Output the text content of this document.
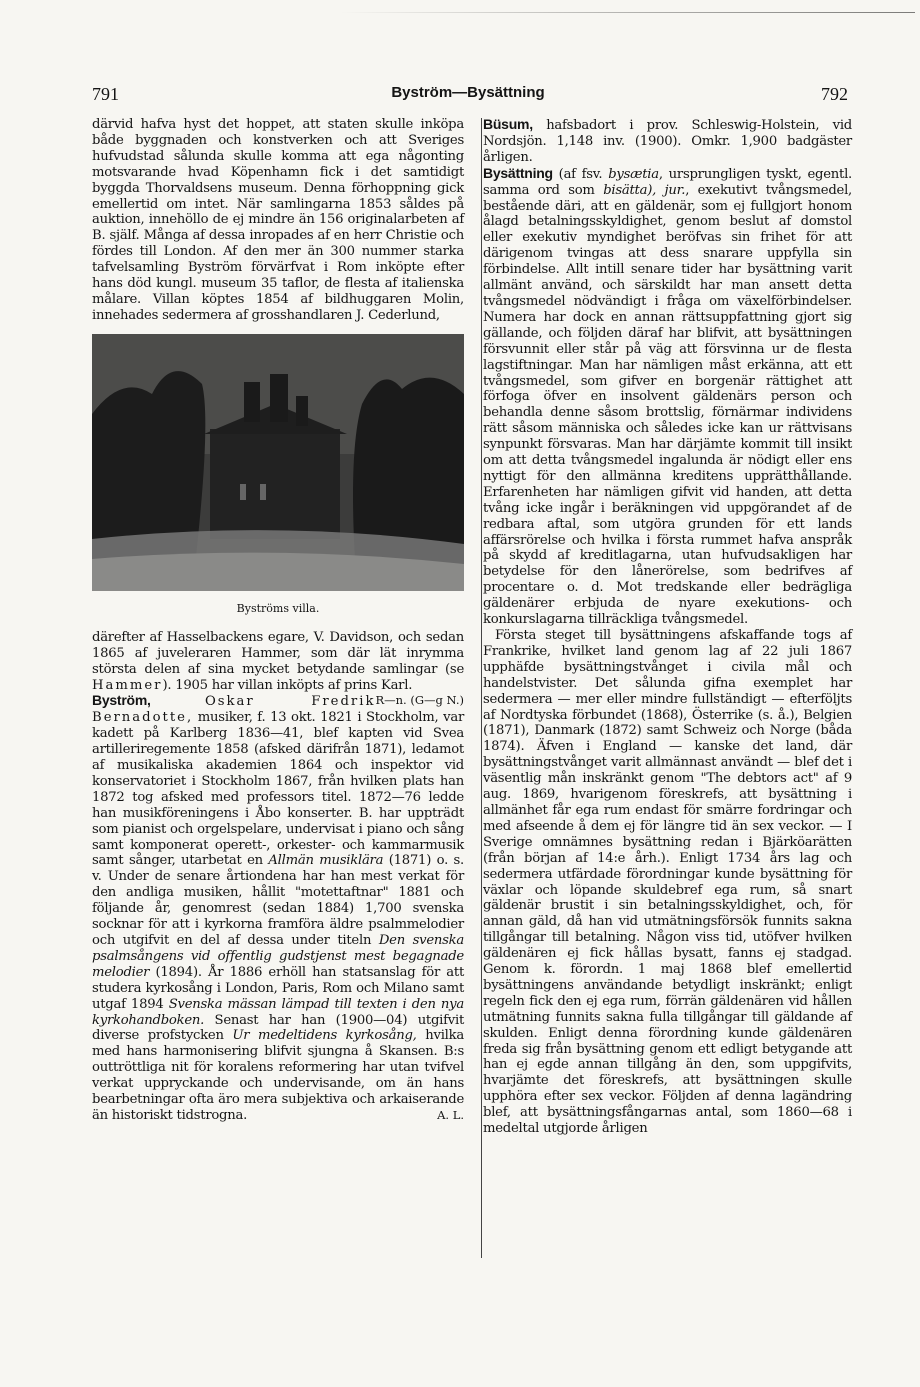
791	Byström—Bysättning	792

därvid hafva hyst det hoppet, att staten skulle inköpa både byggnaden och konstverken och att Sveriges hufvudstad sålunda skulle komma att ega någonting motsvarande hvad Köpenhamn fick i det samtidigt byggda Thorvaldsens museum. Denna förhoppning gick emellertid om intet. När samlingarna 1853 såldes på auktion, innehöllo de ej mindre än 156 originalarbeten af B. själf. Många af dessa inropades af en herr Christie och fördes till London. Af den mer än 300 nummer starka tafvelsamling Byström förvärfvat i Rom inköpte efter hans död kungl. museum 35 taflor, de flesta af italienska målare. Villan köptes 1854 af bildhuggaren Molin, innehades sedermera af grosshandlaren J. Cederlund,

Byströms villa.

därefter af Hasselbackens egare, V. Davidson, och sedan 1865 af juveleraren Hammer, som där lät inrymma största delen af sina mycket betydande samlingar (se Hammer). 1905 har villan inköpts af prins Karl.
R—n. (G—g N.)

Byström,	Oskar Fredrik Bernadotte, musiker, f. 13 okt. 1821 i Stockholm, var kadett på Karlberg 1836—41, blef kapten vid Svea artilleriregemente 1858 (afsked därifrån 1871), ledamot af musikaliska akademien 1864 och inspektor vid konservatoriet i Stockholm 1867, från hvilken plats han 1872 tog afsked med professors titel. 1872—76 ledde han musikföreningens i Åbo konserter. B. har uppträdt som pianist och orgelspelare, undervisat i piano och sång samt komponerat operett-, orkester- och kammarmusik samt sånger, utarbetat en Allmän musiklära (1871) o. s. v. Under de senare årtiondena har han mest verkat för den andliga musiken, hållit "motettaftnar" 1881 och följande år, genomrest (sedan 1884) 1,700 svenska socknar för att i kyrkorna framföra äldre psalmmelodier och utgifvit en del af dessa under titeln Den svenska psalmsångens vid offentlig gudstjenst mest begagnade melodier (1894). År 1886 erhöll han statsanslag för att studera kyrkosång i London, Paris, Rom och Milano samt utgaf 1894 Svenska mässan lämpad till texten i den nya kyrkohandboken. Senast har han (1900—04) utgifvit diverse profstycken Ur medeltidens kyrkosång, hvilka med hans harmonisering blifvit sjungna å Skansen. B:s outtröttliga nit för koralens reformering har utan tvifvel verkat uppryckande och undervisande, om än hans bearbetningar ofta äro mera subjektiva och arkaiserande än historiskt tidstrogna.	A. L.

Büsum, hafsbadort i prov. Schleswig-Holstein, vid Nordsjön. 1,148 inv. (1900). Omkr. 1,900 badgäster årligen.

Bysättning (af fsv. bysætia, ursprungligen tyskt, egentl. samma ord som bisätta), jur., exekutivt tvångsmedel, bestående däri, att en gäldenär, som ej fullgjort honom ålagd betalningsskyldighet, genom beslut af domstol eller exekutiv myndighet beröfvas sin frihet för att därigenom tvingas att dess snarare uppfylla sin förbindelse. Allt intill senare tider har bysättning varit allmänt använd, och särskildt har man ansett detta tvångsmedel nödvändigt i fråga om växelförbindelser. Numera har dock en annan rättsuppfattning gjort sig gällande, och följden däraf har blifvit, att bysättningen försvunnit eller står på väg att försvinna ur de flesta lagstiftningar. Man har nämligen måst erkänna, att ett tvångsmedel, som gifver en borgenär rättighet att förfoga öfver en insolvent gäldenärs person och behandla denne såsom brottslig, förnärmar individens rätt såsom människa och således icke kan ur rättvisans synpunkt försvaras. Man har därjämte kommit till insikt om att detta tvångsmedel ingalunda är nödigt eller ens nyttigt för den allmänna kreditens upprätthållande. Erfarenheten har nämligen gifvit vid handen, att detta tvång icke ingår i beräkningen vid uppgörandet af de redbara aftal, som utgöra grunden för ett lands affärsrörelse och hvilka i första rummet hafva anspråk på skydd af kreditlagarna, utan hufvudsakligen har betydelse för den lånerörelse, som bedrifves af procentare o. d. Mot tredskande eller bedrägliga gäldenärer erbjuda de nyare exekutions- och konkurslagarna tillräckliga tvångsmedel.

Första steget till bysättningens afskaffande togs af Frankrike, hvilket land genom lag af 22 juli 1867 upphäfde bysättningstvånget i civila mål och handelstvister. Det sålunda gifna exemplet har sedermera — mer eller mindre fullständigt — efterföljts af Nordtyska förbundet (1868), Österrike (s. å.), Belgien (1871), Danmark (1872) samt Schweiz och Norge (båda 1874). Äfven i England — kanske det land, där bysättningstvånget varit allmännast användt — blef det i väsentlig mån inskränkt genom "The debtors act" af 9 aug. 1869, hvarigenom föreskrefs, att bysättning i allmänhet får ega rum endast för smärre fordringar och med afseende å dem ej för längre tid än sex veckor. — I Sverige omnämnes bysättning redan i Bjärköarätten (från början af 14:e årh.). Enligt 1734 års lag och sedermera utfärdade förordningar kunde bysättning för växlar och löpande skuldebref ega rum, så snart gäldenär brustit i sin betalningsskyldighet, och, för annan gäld, då han vid utmätningsförsök funnits sakna tillgångar till betalning. Någon viss tid, utöfver hvilken gäldenären ej fick hållas bysatt, fanns ej stadgad. Genom k. förordn. 1 maj 1868 blef emellertid bysättningens användande betydligt inskränkt; enligt regeln fick den ej ega rum, förrän gäldenären vid hållen utmätning funnits sakna fulla tillgångar till gäldande af skulden. Enligt denna förordning kunde gäldenären freda sig från bysättning genom ett edligt betygande att han ej egde annan tillgång än den, som uppgifvits, hvarjämte det föreskrefs, att bysättningen skulle upphöra efter sex veckor. Följden af denna lagändring blef, att bysättningsfångarnas antal, som 1860—68 i medeltal utgjorde årligen
